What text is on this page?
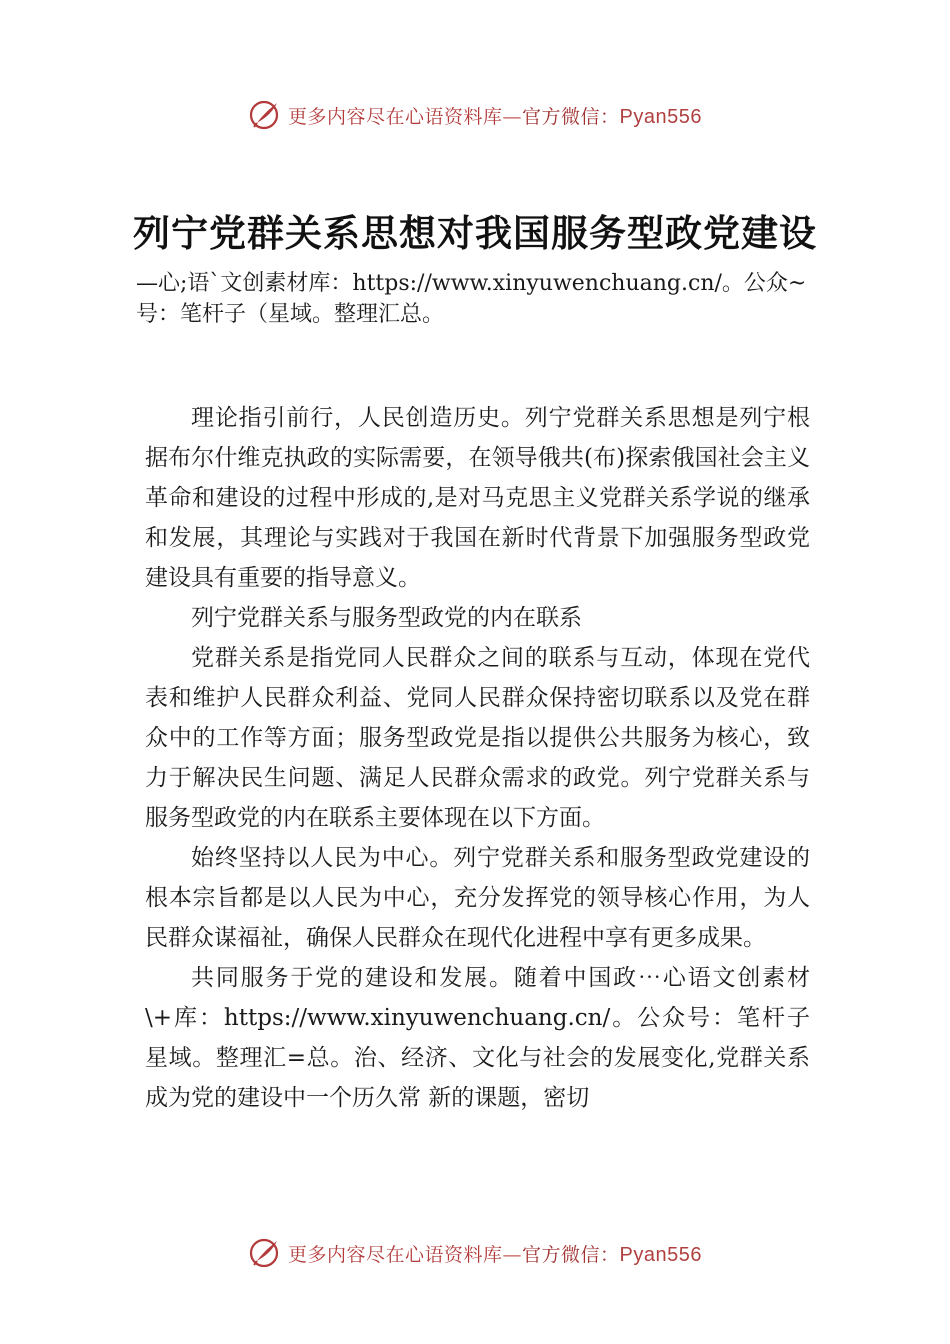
更多内容尽在心语资料库—官方微信：Pyan556
列宁党群关系思想对我国服务型政党建设
—心;语`文创素材库：https://www.xinyuwenchuang.cn/。公众~号：笔杆子（星域。整理汇总。

理论指引前行，人民创造历史。列宁党群关系思想是列宁根据布尔什维克执政的实际需要，在领导俄共(布)探索俄国社会主义革命和建设的过程中形成的,是对马克思主义党群关系学说的继承和发展，其理论与实践对于我国在新时代背景下加强服务型政党建设具有重要的指导意义。

列宁党群关系与服务型政党的内在联系

党群关系是指党同人民群众之间的联系与互动，体现在党代表和维护人民群众利益、党同人民群众保持密切联系以及党在群众中的工作等方面；服务型政党是指以提供公共服务为核心，致力于解决民生问题、满足人民群众需求的政党。列宁党群关系与服务型政党的内在联系主要体现在以下方面。

始终坚持以人民为中心。列宁党群关系和服务型政党建设的根本宗旨都是以人民为中心，充分发挥党的领导核心作用，为人民群众谋福祉，确保人民群众在现代化进程中享有更多成果。

共同服务于党的建设和发展。随着中国政⋯心语文创素材\+库：https://www.xinyuwenchuang.cn/。公众号：笔杆子星域。整理汇=总。治、经济、文化与社会的发展变化,党群关系成为党的建设中一个历久常 新的课题，密切

更多内容尽在心语资料库—官方微信：Pyan556
